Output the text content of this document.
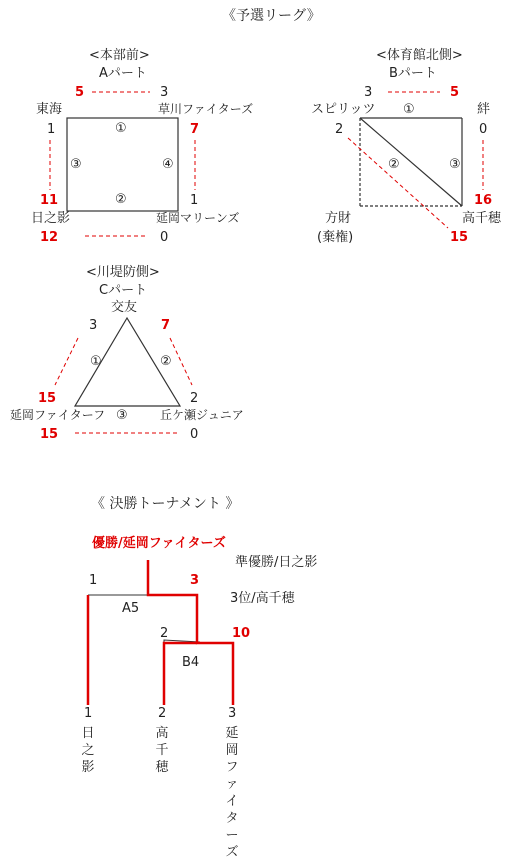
《予選リーグ》
<本部前>
Aパート
5	3
東海	草川ファイターズ
1	7
①
③	④
②
11	1
日之影	延岡マリーンズ
12	0
<体育館北側>
Bパート
3	5
スピリッツ ①	絆
2	0
②	③
16
方財	高千穂
(棄権)	15
<川堤防側>
Cパート
交友
3	7
①	②
15	2
延岡ファイターフ ③	丘ケ瀬ジュニア
15	0
《 決勝トーナメント 》
優勝/延岡ファイターズ
準優勝/日之影
3
1
3位/高千穂
A5
2	10
B4
1
日
之
影
2
高
千
穂
3
延
岡
フ
ァ
イ
タ
ー
ズ
